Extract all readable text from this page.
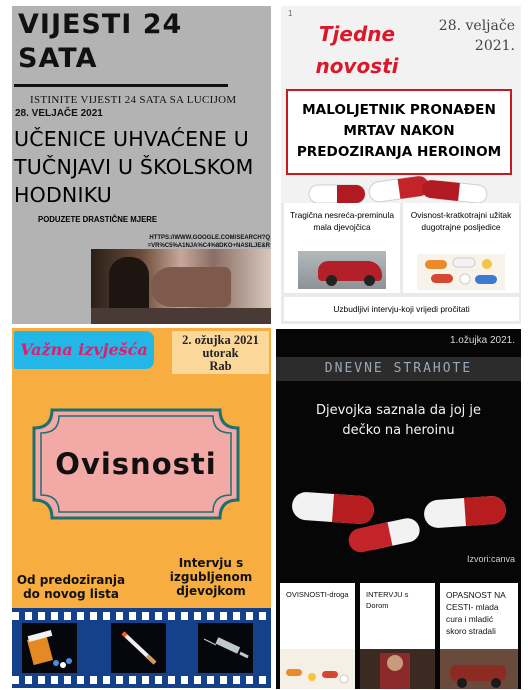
VIJESTI 24
SATA
ISTINITE VIJESTI 24 SATA SA LUCIJOM
28. VELJAČE 2021
UČENICE UHVAĆENE U TUČNJAVI U ŠKOLSKOM HODNIKU
PODUZETE DRASTIČNE MJERE
HTTPS://WWW.GOOGLE.COM/SEARCH?Q=VR%C5%A1NJA%C4%8DKO+NASILJE&R
1
Tjedne
novosti
28. veljače
2021.
MALOLJETNIK PRONAĐEN
MRTAV NAKON
PREDOZIRANJA HEROINOM
Tragična nesreća-preminula mala djevojčica
Ovisnost-kratkotrajni užitak dugotrajne posljedice
Uzbudljivi intervju-koji vrijedi pročitati
Važna izvješća	2. ožujka 2021
utorak
Rab
Ovisnosti
Od predoziranja do novog lista
Intervju s izgubljenom djevojkom
1.ožujka 2021.
DNEVNE STRAHOTE
Djevojka saznala da joj je dečko na heroinu
Izvori:canva
OVISNOSTI-droga	INTERVJU s Dorom
OPASNOST NA CESTI- mlada cura i mladić skoro stradali
